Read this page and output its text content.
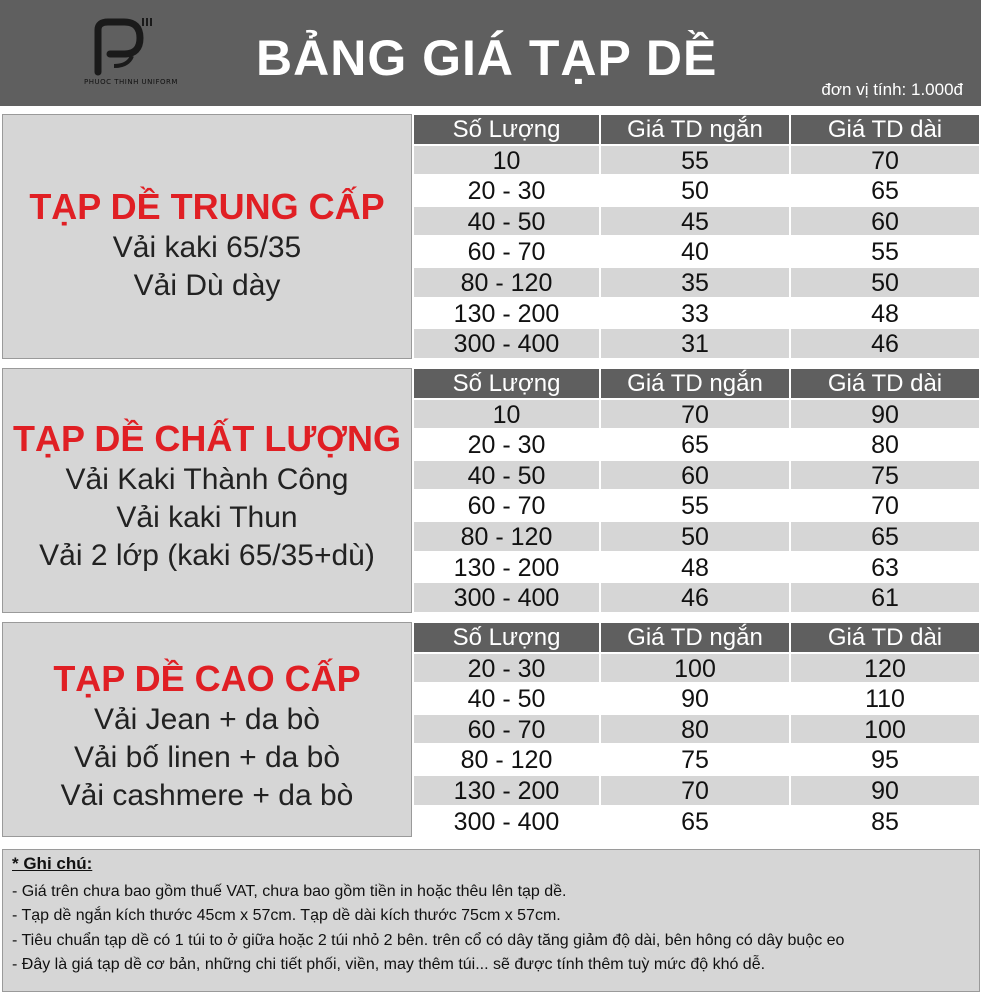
PHUOC THINH UNIFORM BẢNG GIÁ TẠP DỀ
đơn vị tính: 1.000đ
TẠP DỀ TRUNG CẤP
Vải kaki 65/35
Vải Dù dày
Số Lượng	Giá TD ngắn	Giá TD dài
10	55	70
20 - 30	50	65
40 - 50	45	60
60 - 70	40	55
80 - 120	35	50
130 - 200	33	48
300 - 400	31	46
TẠP DỀ CHẤT LƯỢNG
Vải Kaki Thành Công
Vải kaki Thun
Vải 2 lớp (kaki 65/35+dù)
Số Lượng	Giá TD ngắn	Giá TD dài
10	70	90
20 - 30	65	80
40 - 50	60	75
60 - 70	55	70
80 - 120	50	65
130 - 200	48	63
300 - 400	46	61
TẠP DỀ CAO CẤP
Vải Jean + da bò
Vải bố linen + da bò
Vải cashmere + da bò
Số Lượng	Giá TD ngắn	Giá TD dài
20 - 30	100	120
40 - 50	90	110
60 - 70	80	100
80 - 120	75	95
130 - 200	70	90
300 - 400	65	85
* Ghi chú:
- Giá trên chưa bao gồm thuế VAT, chưa bao gồm tiền in hoặc thêu lên tạp dề.
- Tạp dề ngắn kích thước 45cm x 57cm. Tạp dề dài kích thước 75cm x 57cm.
- Tiêu chuẩn tạp dề có 1 túi to ở giữa hoặc 2 túi nhỏ 2 bên. trên cổ có dây tăng giảm độ dài, bên hông có dây buộc eo
- Đây là giá tạp dề cơ bản, những chi tiết phối, viền, may thêm túi... sẽ được tính thêm tuỳ mức độ khó dễ.
